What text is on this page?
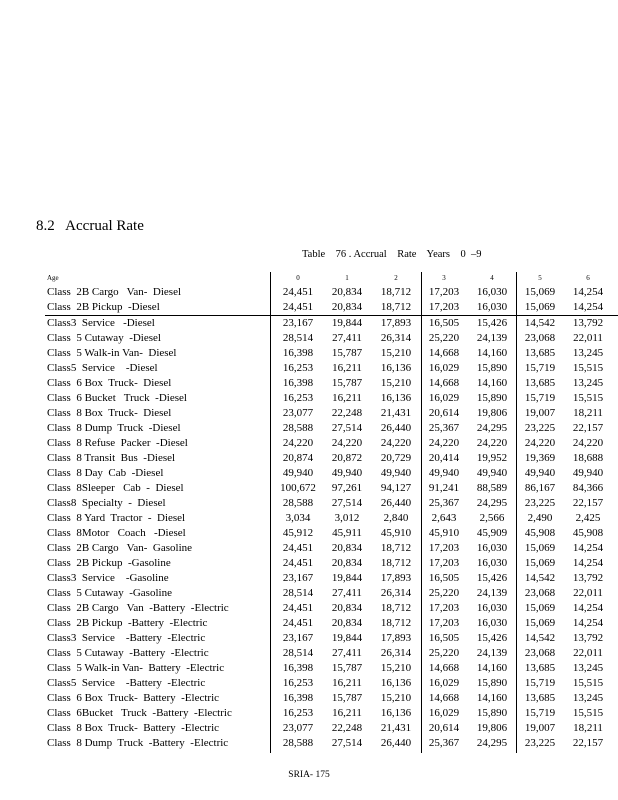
8.2   Accrual Rate
Table    76 . Accrual    Rate    Years    0  –9
Age	0	1	2	3	4	5	6
Class  2B Cargo   Van-  Diesel	24,451	20,834	18,712	17,203	16,030	15,069	14,254
Class  2B Pickup  -Diesel	24,451	20,834	18,712	17,203	16,030	15,069	14,254
Class3  Service   -Diesel	23,167	19,844	17,893	16,505	15,426	14,542	13,792
Class  5 Cutaway  -Diesel	28,514	27,411	26,314	25,220	24,139	23,068	22,011
Class  5 Walk-in Van-  Diesel	16,398	15,787	15,210	14,668	14,160	13,685	13,245
Class5  Service    -Diesel	16,253	16,211	16,136	16,029	15,890	15,719	15,515
Class  6 Box  Truck-  Diesel	16,398	15,787	15,210	14,668	14,160	13,685	13,245
Class  6 Bucket   Truck  -Diesel	16,253	16,211	16,136	16,029	15,890	15,719	15,515
Class  8 Box  Truck-  Diesel	23,077	22,248	21,431	20,614	19,806	19,007	18,211
Class  8 Dump  Truck  -Diesel	28,588	27,514	26,440	25,367	24,295	23,225	22,157
Class  8 Refuse  Packer  -Diesel	24,220	24,220	24,220	24,220	24,220	24,220	24,220
Class  8 Transit  Bus  -Diesel	20,874	20,872	20,729	20,414	19,952	19,369	18,688
Class  8 Day  Cab  -Diesel	49,940	49,940	49,940	49,940	49,940	49,940	49,940
Class  8Sleeper   Cab  -  Diesel	100,672	97,261	94,127	91,241	88,589	86,167	84,366
Class8  Specialty  -  Diesel	28,588	27,514	26,440	25,367	24,295	23,225	22,157
Class  8 Yard  Tractor  -  Diesel	3,034	3,012	2,840	2,643	2,566	2,490	2,425
Class  8Motor   Coach   -Diesel	45,912	45,911	45,910	45,910	45,909	45,908	45,908
Class  2B Cargo   Van-  Gasoline	24,451	20,834	18,712	17,203	16,030	15,069	14,254
Class  2B Pickup  -Gasoline	24,451	20,834	18,712	17,203	16,030	15,069	14,254
Class3  Service    -Gasoline	23,167	19,844	17,893	16,505	15,426	14,542	13,792
Class  5 Cutaway  -Gasoline	28,514	27,411	26,314	25,220	24,139	23,068	22,011
Class  2B Cargo   Van  -Battery  -Electric	24,451	20,834	18,712	17,203	16,030	15,069	14,254
Class  2B Pickup  -Battery  -Electric	24,451	20,834	18,712	17,203	16,030	15,069	14,254
Class3  Service    -Battery  -Electric	23,167	19,844	17,893	16,505	15,426	14,542	13,792
Class  5 Cutaway  -Battery  -Electric	28,514	27,411	26,314	25,220	24,139	23,068	22,011
Class  5 Walk-in Van-  Battery  -Electric	16,398	15,787	15,210	14,668	14,160	13,685	13,245
Class5  Service    -Battery  -Electric	16,253	16,211	16,136	16,029	15,890	15,719	15,515
Class  6 Box  Truck-  Battery  -Electric	16,398	15,787	15,210	14,668	14,160	13,685	13,245
Class  6Bucket   Truck  -Battery  -Electric	16,253	16,211	16,136	16,029	15,890	15,719	15,515
Class  8 Box  Truck-  Battery  -Electric	23,077	22,248	21,431	20,614	19,806	19,007	18,211
Class  8 Dump  Truck  -Battery  -Electric	28,588	27,514	26,440	25,367	24,295	23,225	22,157
SRIA- 175
